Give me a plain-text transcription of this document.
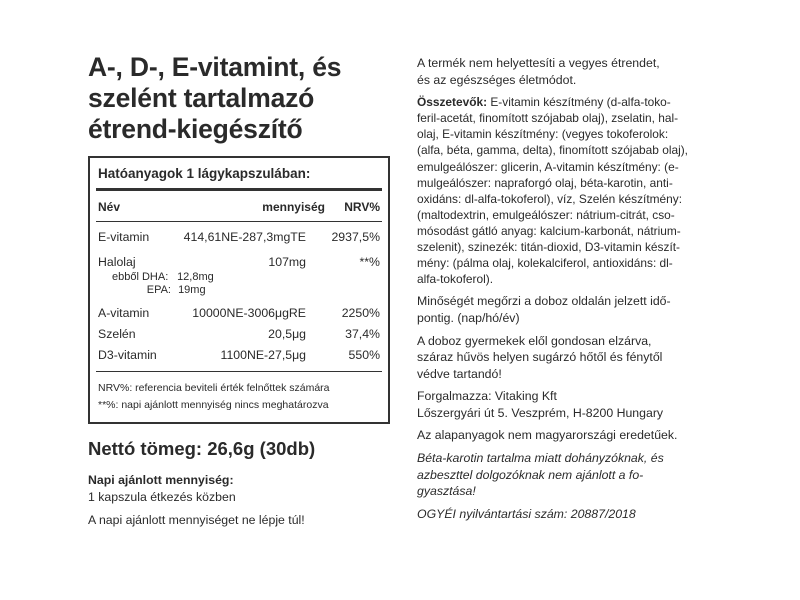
A-, D-, E-vitamint, és
szelént tartalmazó
étrend-kiegészítő
Hatóanyagok 1 lágykapszulában:
Név	mennyiség	NRV%
E-vitamin	414,61NE-287,3mgTE	2937,5%
Halolaj	107mg	**%
ebből DHA: 12,8mg
EPA: 19mg
A-vitamin	10000NE-3006μgRE	2250%
Szelén	20,5μg	37,4%
D3-vitamin	1100NE-27,5μg	550%
NRV%: referencia beviteli érték felnőttek számára
**%: napi ajánlott mennyiség nincs meghatározva
Nettó tömeg: 26,6g (30db)
Napi ajánlott mennyiség:
1 kapszula étkezés közben
A napi ajánlott mennyiséget ne lépje túl!
A termék nem helyettesíti a vegyes étrendet,
és az egészséges életmódot.
Összetevők: E-vitamin készítmény (d-alfa-toko-
feril-acetát, finomított szójabab olaj), zselatin, hal-
olaj, E-vitamin készítmény: (vegyes tokoferolok:
(alfa, béta, gamma, delta), finomított szójabab olaj),
emulgeálószer: glicerin, A-vitamin készítmény: (e-
mulgeálószer: napraforgó olaj, béta-karotin, anti-
oxidáns: dl-alfa-tokoferol), víz, Szelén készítmény:
(maltodextrin, emulgeálószer: nátrium-citrát, cso-
mósodást gátló anyag: kalcium-karbonát, nátrium-
szelenit), szinezék: titán-dioxid, D3-vitamin készít-
mény: (pálma olaj, kolekalciferol, antioxidáns: dl-
alfa-tokoferol).
Minőségét megőrzi a doboz oldalán jelzett idő-
pontig. (nap/hó/év)
A doboz gyermekek elől gondosan elzárva,
száraz hűvös helyen sugárzó hőtől és fénytől
védve tartandó!
Forgalmazza: Vitaking Kft
Lőszergyári út 5. Veszprém, H-8200 Hungary
Az alapanyagok nem magyarországi eredetűek.
Béta-karotin tartalma miatt dohányzóknak, és
azbeszttel dolgozóknak nem ajánlott a fo-
gyasztása!
OGYÉI nyilvántartási szám: 20887/2018
